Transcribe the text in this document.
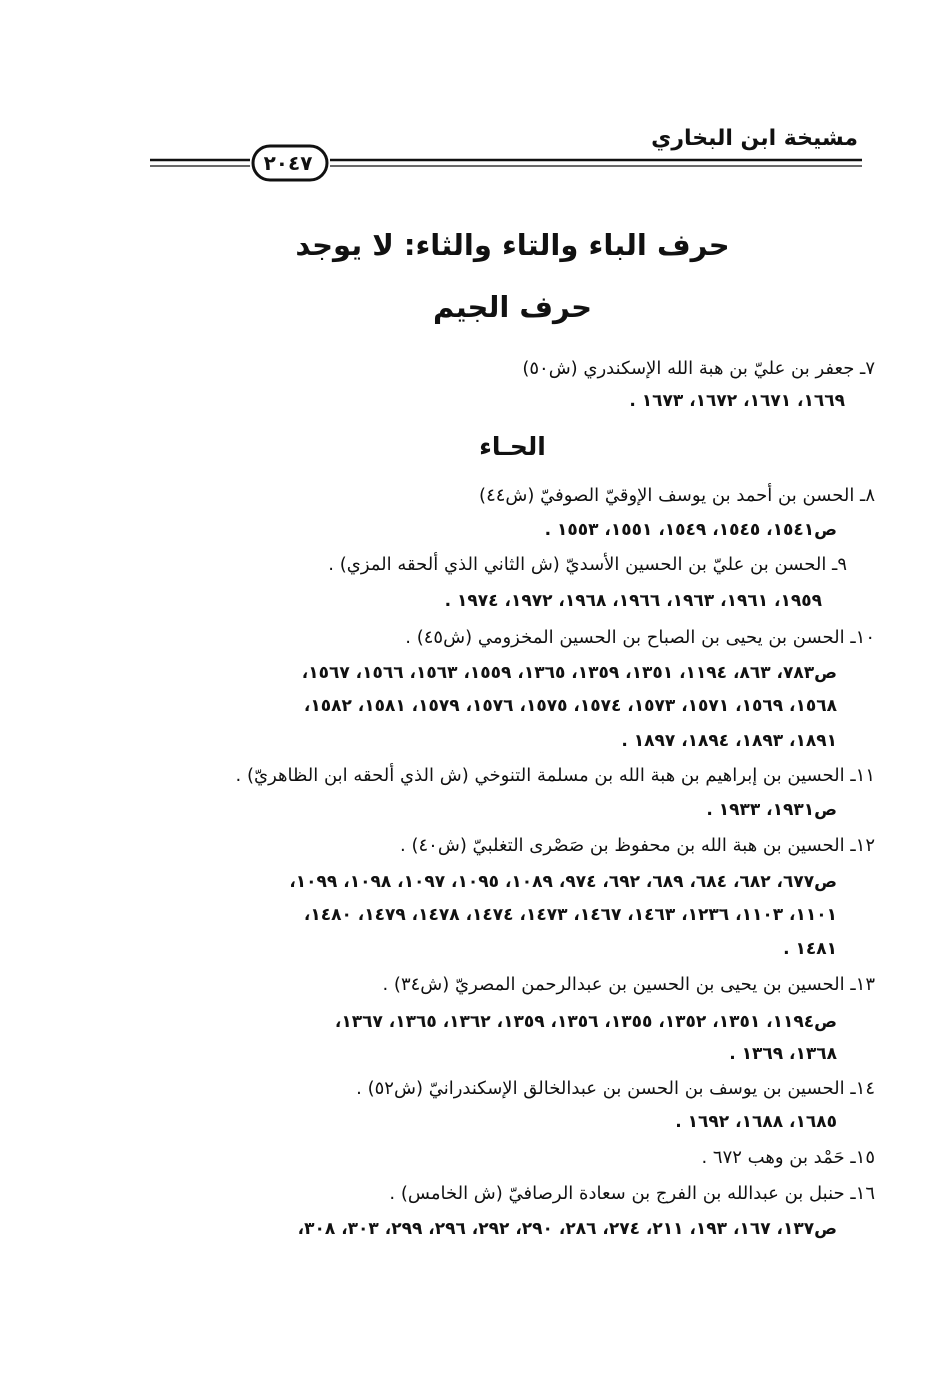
مشيخة ابن البخاري
٢٠٤٧
حرف الباء والتاء والثاء: لا يوجد
حرف الجيم
٧ـ جعفر بن عليّ بن هبة الله الإسكندري (ش٥٠)
١٦٦٩، ١٦٧١، ١٦٧٢، ١٦٧٣ .
الحـاء
٨ـ الحسن بن أحمد بن يوسف الإوقيّ الصوفيّ (ش٤٤)
ص١٥٤١، ١٥٤٥، ١٥٤٩، ١٥٥١، ١٥٥٣ .
٩ـ الحسن بن عليّ بن الحسين الأسديّ (ش الثاني الذي ألحقه المزي) .
١٩٥٩، ١٩٦١، ١٩٦٣، ١٩٦٦، ١٩٦٨، ١٩٧٢، ١٩٧٤ .
١٠ـ الحسن بن يحيى بن الصباح بن الحسين المخزومي (ش٤٥) .
ص٧٨٣، ٨٦٣، ١١٩٤، ١٣٥١، ١٣٥٩، ١٣٦٥، ١٥٥٩، ١٥٦٣، ١٥٦٦، ١٥٦٧،
١٥٦٨، ١٥٦٩، ١٥٧١، ١٥٧٣، ١٥٧٤، ١٥٧٥، ١٥٧٦، ١٥٧٩، ١٥٨١، ١٥٨٢،
١٨٩١، ١٨٩٣، ١٨٩٤، ١٨٩٧ .
١١ـ الحسين بن إبراهيم بن هبة الله بن مسلمة التنوخي (ش الذي ألحقه ابن الظاهريّ) .
ص١٩٣١، ١٩٣٣ .
١٢ـ الحسين بن هبة الله بن محفوظ بن صَصْرى التغلبيّ (ش٤٠) .
ص٦٧٧، ٦٨٢، ٦٨٤، ٦٨٩، ٦٩٢، ٩٧٤، ١٠٨٩، ١٠٩٥، ١٠٩٧، ١٠٩٨، ١٠٩٩،
١١٠١، ١١٠٣، ١٢٣٦، ١٤٦٣، ١٤٦٧، ١٤٧٣، ١٤٧٤، ١٤٧٨، ١٤٧٩، ١٤٨٠،
١٤٨١ .
١٣ـ الحسين بن يحيى بن الحسين بن عبدالرحمن المصريّ (ش٣٤) .
ص١١٩٤، ١٣٥١، ١٣٥٢، ١٣٥٥، ١٣٥٦، ١٣٥٩، ١٣٦٢، ١٣٦٥، ١٣٦٧،
١٣٦٨، ١٣٦٩ .
١٤ـ الحسين بن يوسف بن الحسن بن عبدالخالق الإسكندرانيّ (ش٥٢) .
١٦٨٥، ١٦٨٨، ١٦٩٢ .
١٥ـ حَمْد بن وهب ٦٧٢ .
١٦ـ حنبل بن عبدالله بن الفرج بن سعادة الرصافيّ (ش الخامس) .
ص١٣٧، ١٦٧، ١٩٣، ٢١١، ٢٧٤، ٢٨٦، ٢٩٠، ٢٩٢، ٢٩٦، ٢٩٩، ٣٠٣، ٣٠٨،
